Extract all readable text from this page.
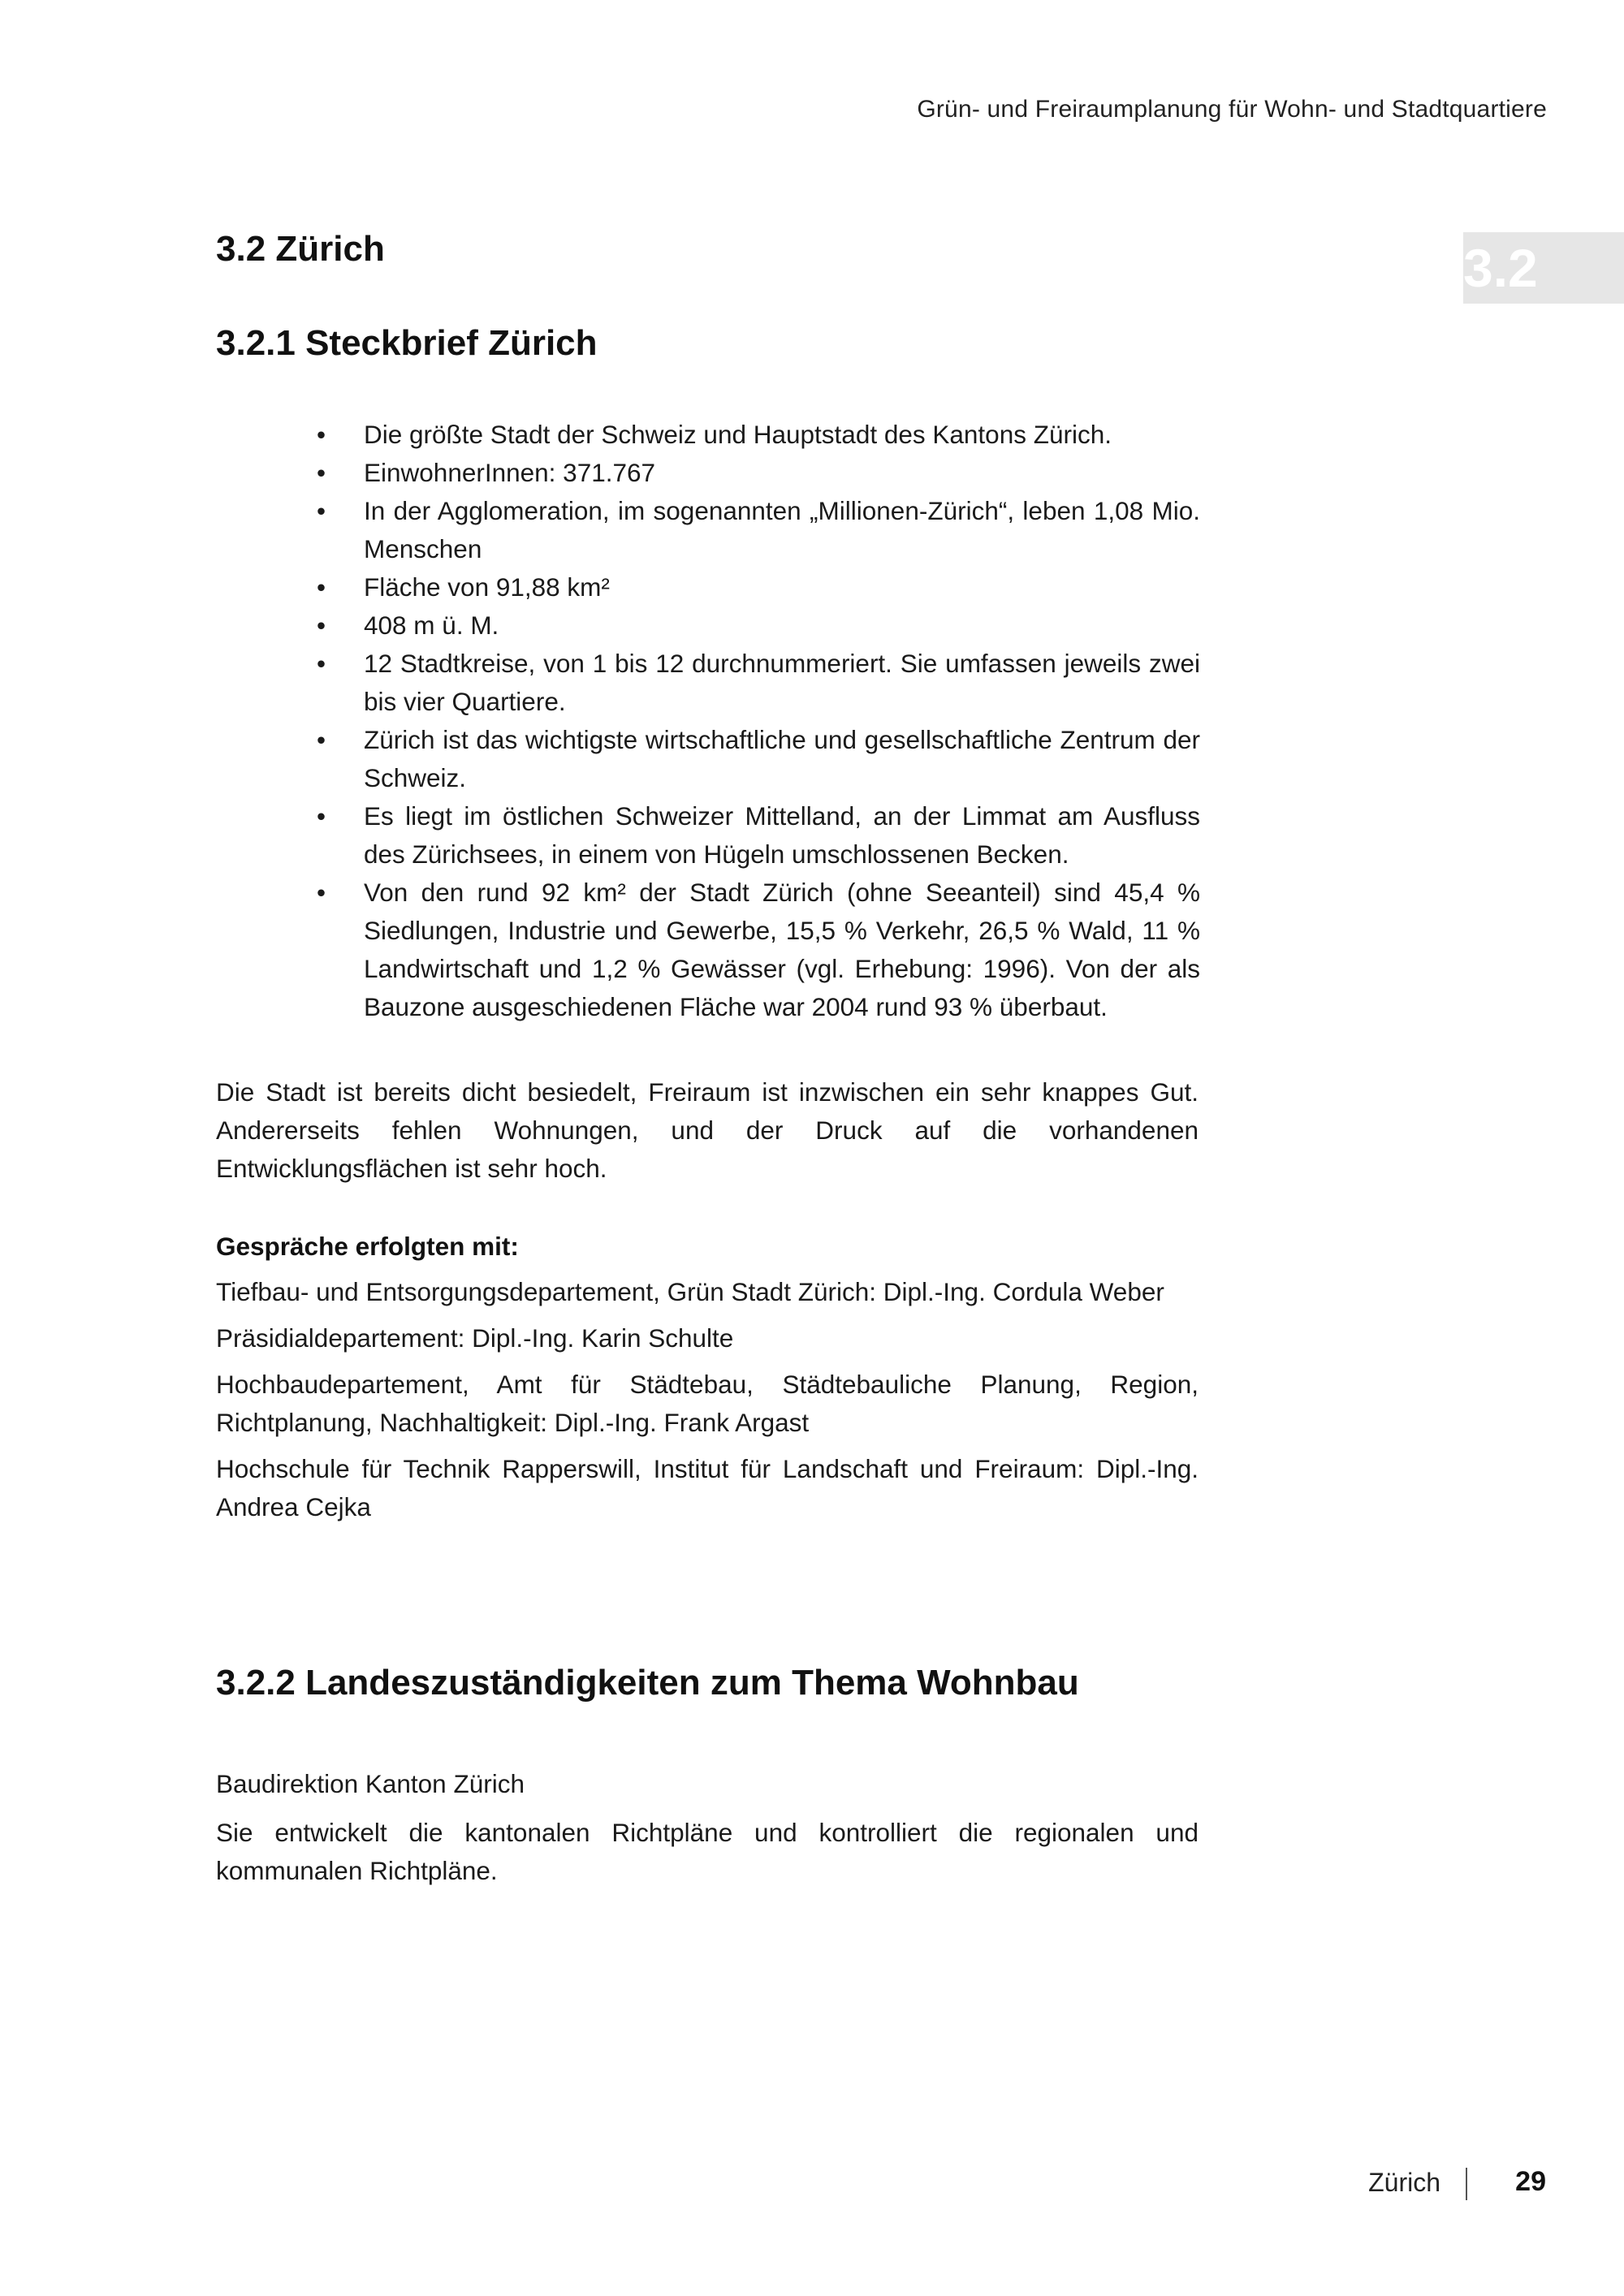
Grün- und Freiraumplanung für Wohn- und Stadtquartiere
3.2
3.2 Zürich
3.2.1 Steckbrief Zürich
• Die größte Stadt der Schweiz und Hauptstadt des Kantons Zürich.
• EinwohnerInnen: 371.767
• In der Agglomeration, im sogenannten „Millionen-Zürich“, leben 1,08 Mio. Menschen
• Fläche von 91,88 km²
• 408 m ü. M.
• 12 Stadtkreise, von 1 bis 12 durchnummeriert. Sie umfassen jeweils zwei bis vier Quartiere.
• Zürich ist das wichtigste wirtschaftliche und gesellschaftliche Zentrum der Schweiz.
• Es liegt im östlichen Schweizer Mittelland, an der Limmat am Ausfluss des Zürichsees, in einem von Hügeln umschlossenen Becken.
• Von den rund 92 km² der Stadt Zürich (ohne Seeanteil) sind 45,4 % Siedlungen, Industrie und Gewerbe, 15,5 % Verkehr, 26,5 % Wald, 11 % Landwirtschaft und 1,2 % Gewässer (vgl. Erhebung: 1996). Von der als Bauzone ausgeschiedenen Fläche war 2004 rund 93 % überbaut.

Die Stadt ist bereits dicht besiedelt, Freiraum ist inzwischen ein sehr knappes Gut. Andererseits fehlen Wohnungen, und der Druck auf die vorhandenen Entwicklungsflächen ist sehr hoch.

Gespräche erfolgten mit:

Tiefbau- und Entsorgungsdepartement, Grün Stadt Zürich: Dipl.-Ing. Cordula Weber

Präsidialdepartement: Dipl.-Ing. Karin Schulte

Hochbaudepartement, Amt für Städtebau, Städtebauliche Planung, Region, Richtplanung, Nachhaltigkeit: Dipl.-Ing. Frank Argast

Hochschule für Technik Rapperswill, Institut für Landschaft und Freiraum: Dipl.-Ing. Andrea Cejka

3.2.2 Landeszuständigkeiten zum Thema Wohnbau

Baudirektion Kanton Zürich

Sie entwickelt die kantonalen Richtpläne und kontrolliert die regionalen und kommunalen Richtpläne.

Zürich	29
